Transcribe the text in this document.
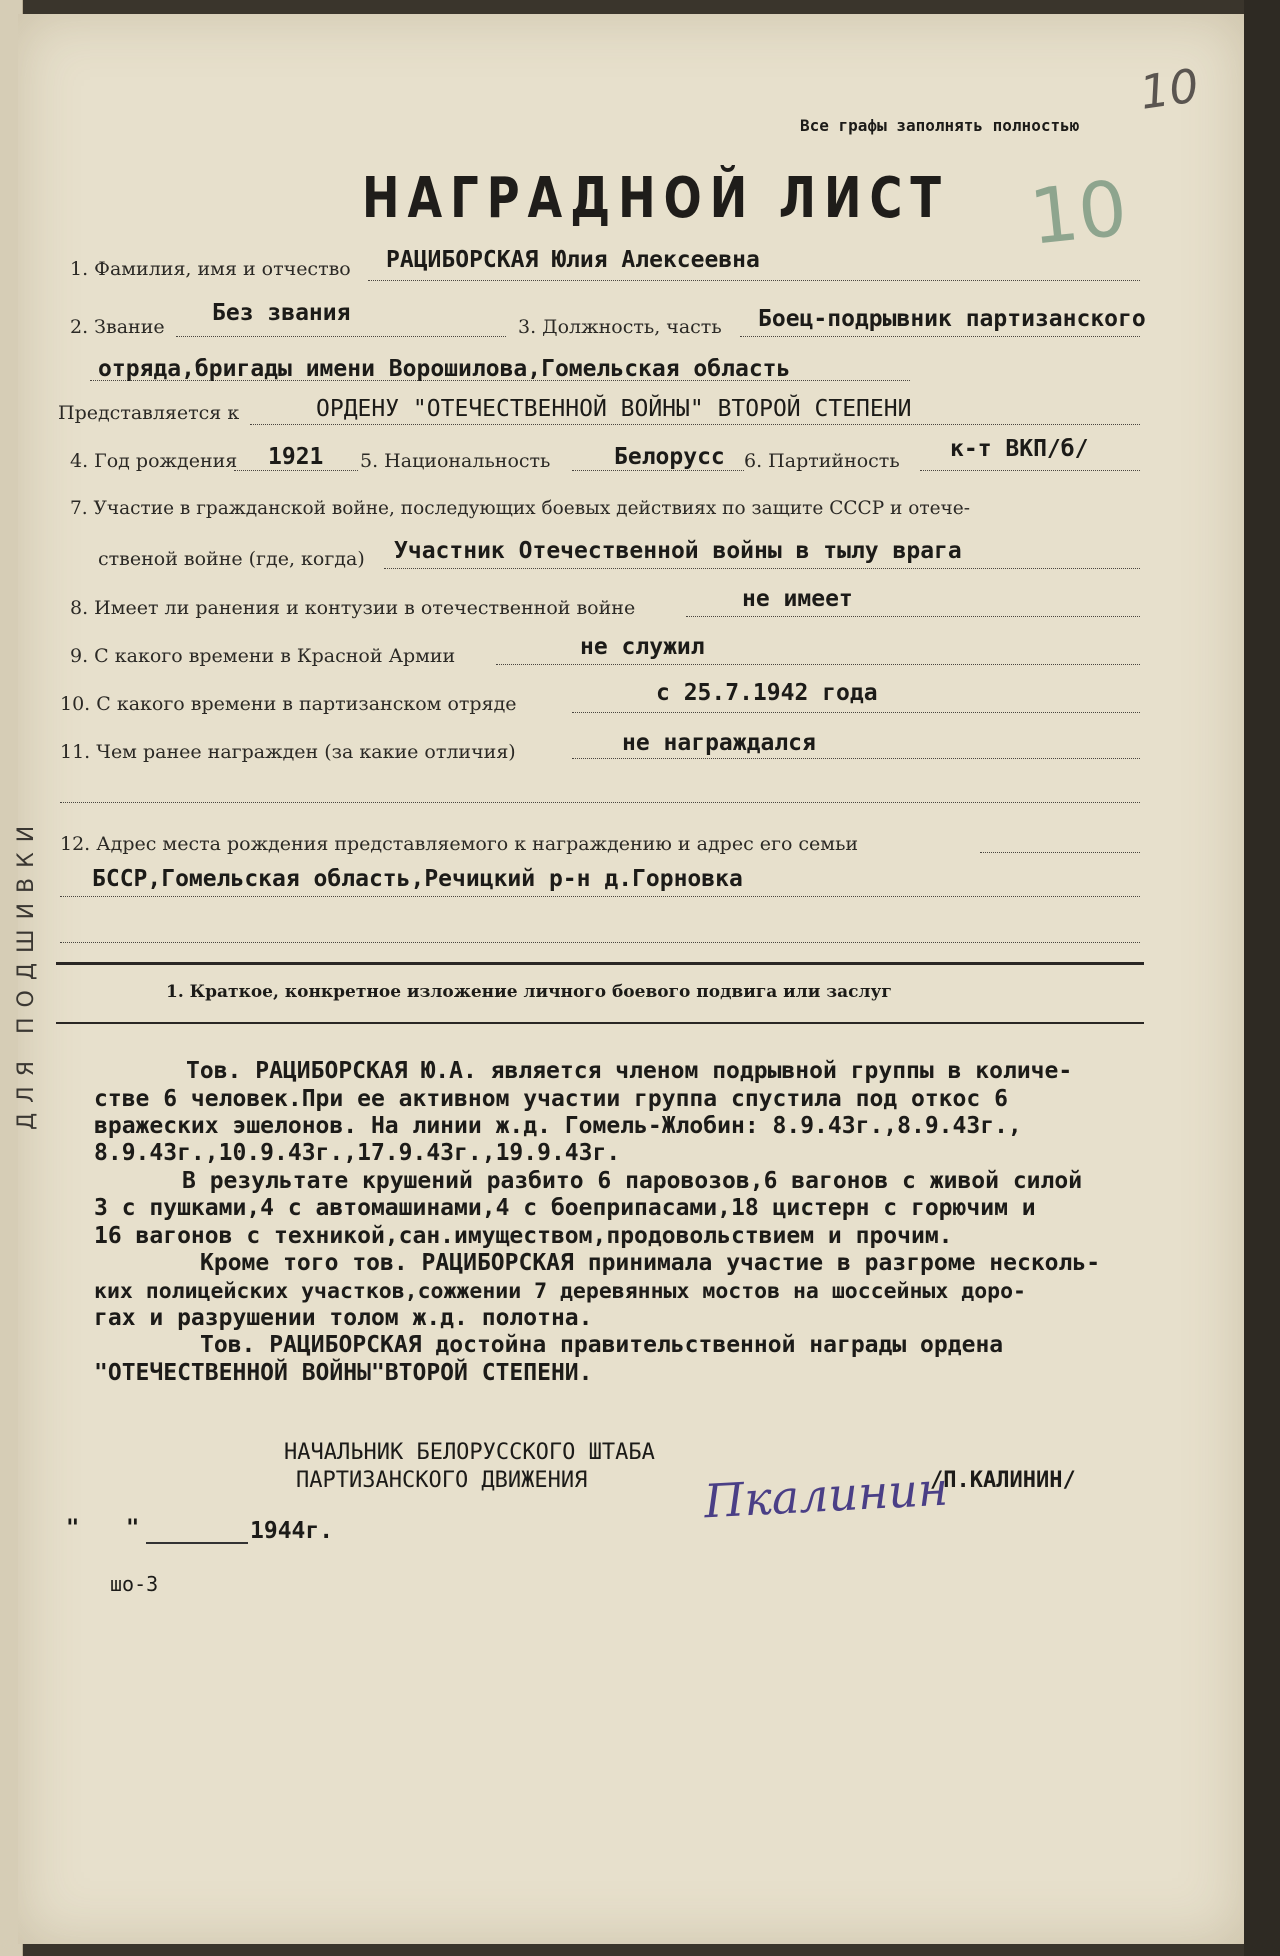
ДЛЯ ПОДШИВКИ
10
Все графы заполнять полностью
10
НАГРАДНОЙ ЛИСТ
1. Фамилия, имя и отчество РАЦИБОРСКАЯ Юлия Алексеевна
2. Звание
Без звания
3. Должность, часть Боец-подрывник партизанского
отряда,бригады имени Ворошилова,Гомельская область
Представляется к	ОРДЕНУ "ОТЕЧЕСТВЕННОЙ ВОЙНЫ" ВТОРОЙ СТЕПЕНИ
4. Год рождения 1921 5. Национальность	Белорусс 6. Партийность к-т ВКП/б/
7. Участие в гражданской войне, последующих боевых действиях по защите СССР и отече-
ственой войне (где, когда) Участник Отечественной войны в тылу врага
8. Имеет ли ранения и контузии в отечественной войне	не имеет
9. С какого времени в Красной Армии	не служил
10. С какого времени в партизанском отряде	с 25.7.1942 года
11. Чем ранее награжден (за какие отличия)	не награждался
12. Адрес места рождения представляемого к награждению и адрес его семьи
БССР,Гомельская область,Речицкий р-н д.Горновка
1. Краткое, конкретное изложение личного боевого подвига или заслуг
Тов. РАЦИБОРСКАЯ Ю.А. является членом подрывной группы в количе-
стве 6 человек.При ее активном участии группа спустила под откос 6
вражеских эшелонов. На линии ж.д. Гомель-Жлобин: 8.9.43г.,8.9.43г.,
8.9.43г.,10.9.43г.,17.9.43г.,19.9.43г.
В результате крушений разбито 6 паровозов,6 вагонов с живой силой
3 с пушками,4 с автомашинами,4 с боеприпасами,18 цистерн с горючим и
16 вагонов с техникой,сан.имуществом,продовольствием и прочим.
Кроме того тов. РАЦИБОРСКАЯ принимала участие в разгроме несколь-
ких полицейских участков,сожжении 7 деревянных мостов на шоссейных доро-
гах и разрушении толом ж.д. полотна.
Тов. РАЦИБОРСКАЯ достойна правительственной награды ордена
"ОТЕЧЕСТВЕННОЙ ВОЙНЫ"ВТОРОЙ СТЕПЕНИ.
НАЧАЛЬНИК БЕЛОРУССКОГО ШТАБА
ПАРТИЗАНСКОГО ДВИЖЕНИЯ	Пкалинин
/П.КАЛИНИН/
" "	1944г.
шо-3
